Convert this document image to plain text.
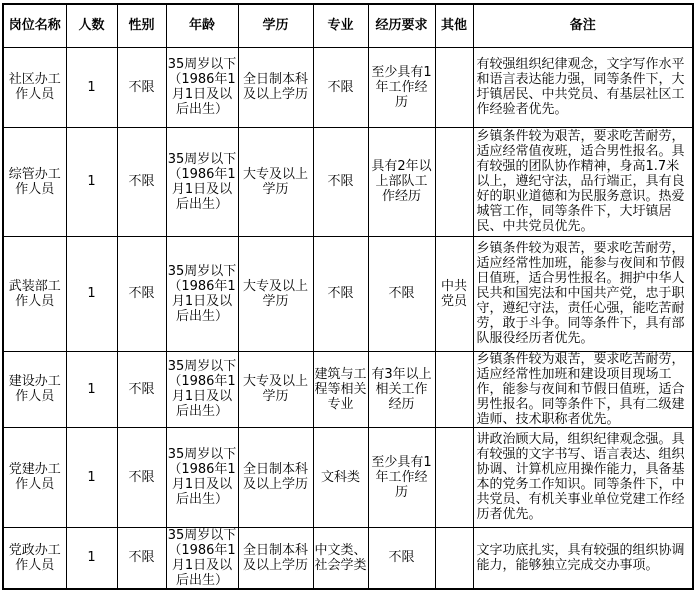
岗位名称	人数	性别	年龄	学历	专业	经历要求	其他	备注
社区办工作人员	1	不限	35周岁以下（1986年1月1日及以后出生）	全日制本科及以上学历	不限	至少具有1年工作经历		有较强组织纪律观念，文字写作水平和语言表达能力强，同等条件下，大圩镇居民、中共党员、有基层社区工作经验者优先。
综管办工作人员	1	不限	35周岁以下（1986年1月1日及以后出生）	大专及以上学历	不限	具有2年以上部队工作经历		乡镇条件较为艰苦，要求吃苦耐劳，适应经常值夜班，适合男性报名。具有较强的团队协作精神，身高1.7米以上，遵纪守法，品行端正，具有良好的职业道德和为民服务意识。热爱城管工作，同等条件下，大圩镇居民、中共党员优先。
武装部工作人员	1	不限	35周岁以下（1986年1月1日及以后出生）	大专及以上学历	不限	不限	中共党员	乡镇条件较为艰苦，要求吃苦耐劳，适应经常性加班，能参与夜间和节假日值班，适合男性报名。拥护中华人民共和国宪法和中国共产党，忠于职守，遵纪守法，责任心强，能吃苦耐劳，敢于斗争。同等条件下，具有部队服役经历者优先。
建设办工作人员	1	不限	35周岁以下（1986年1月1日及以后出生）	大专及以上学历	建筑与工程等相关专业	有3年以上相关工作经历		乡镇条件较为艰苦，要求吃苦耐劳，适应经常性加班和建设项目现场工作，能参与夜间和节假日值班，适合男性报名。同等条件下，具有二级建造师、技术职称者优先。
党建办工作人员	1	不限	35周岁以下（1986年1月1日及以后出生）	全日制本科及以上学历	文科类	至少具有1年工作经历		讲政治顾大局，组织纪律观念强。具有较强的文字书写、语言表达、组织协调、计算机应用操作能力，具备基本的党务工作知识。同等条件下，中共党员、有机关事业单位党建工作经历者优先。
党政办工作人员	1	不限	35周岁以下（1986年1月1日及以后出生）	全日制本科及以上学历	中文类、社会学类	不限		文字功底扎实，具有较强的组织协调能力，能够独立完成交办事项。
